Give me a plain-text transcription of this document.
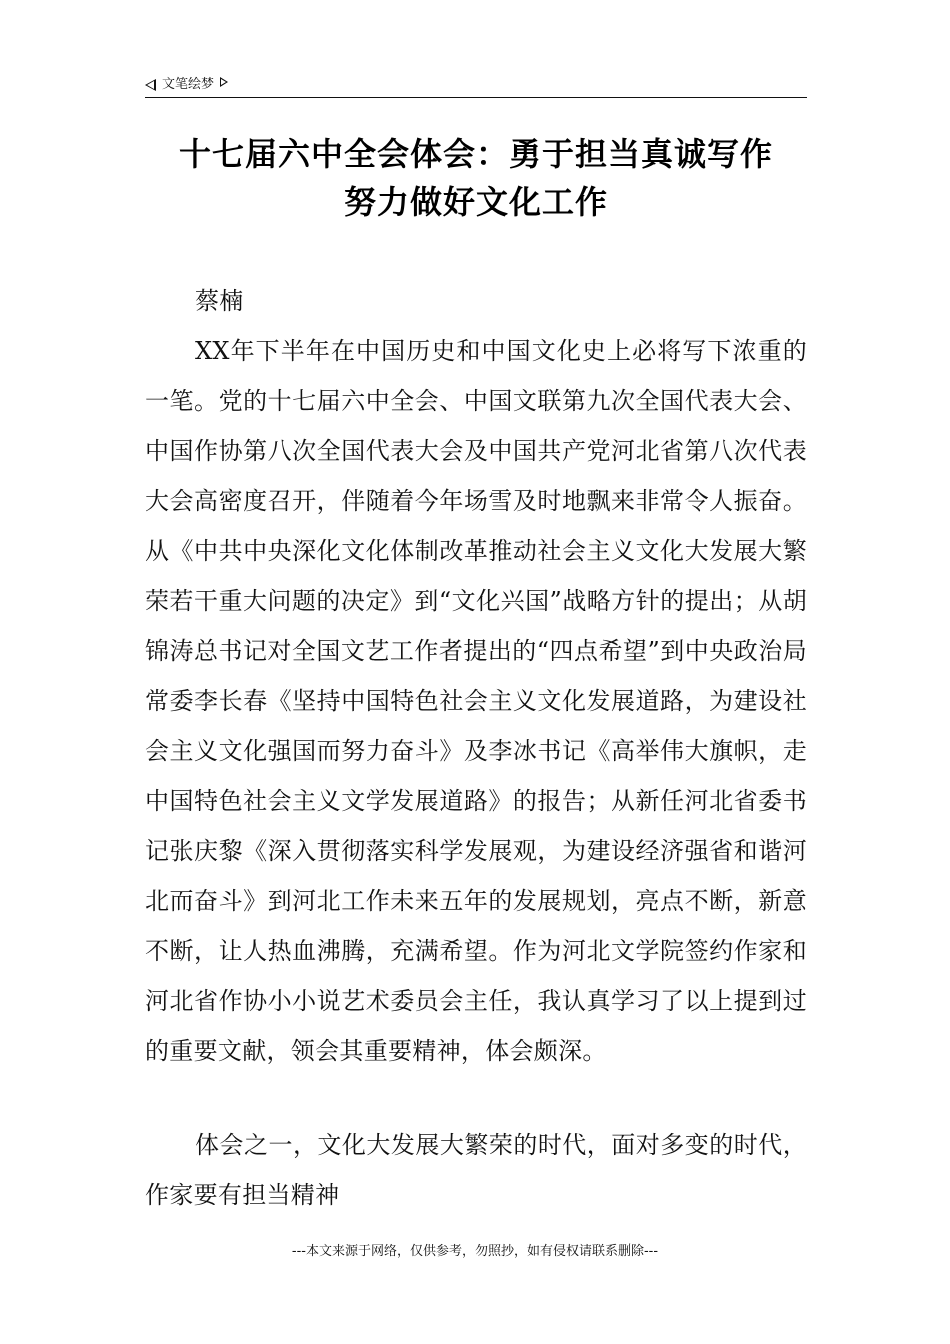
文笔绘梦
十七届六中全会体会：勇于担当真诚写作
努力做好文化工作
蔡楠
XX年下半年在中国历史和中国文化史上必将写下浓重的一笔。党的十七届六中全会、中国文联第九次全国代表大会、中国作协第八次全国代表大会及中国共产党河北省第八次代表大会高密度召开，伴随着今年场雪及时地飘来非常令人振奋。从《中共中央深化文化体制改革推动社会主义文化大发展大繁荣若干重大问题的决定》到“文化兴国”战略方针的提出；从胡锦涛总书记对全国文艺工作者提出的“四点希望”到中央政治局常委李长春《坚持中国特色社会主义文化发展道路，为建设社会主义文化强国而努力奋斗》及李冰书记《高举伟大旗帜，走中国特色社会主义文学发展道路》的报告；从新任河北省委书记张庆黎《深入贯彻落实科学发展观，为建设经济强省和谐河北而奋斗》到河北工作未来五年的发展规划，亮点不断，新意不断，让人热血沸腾，充满希望。作为河北文学院签约作家和河北省作协小小说艺术委员会主任，我认真学习了以上提到过的重要文献，领会其重要精神，体会颇深。
体会之一，文化大发展大繁荣的时代，面对多变的时代，作家要有担当精神
---本文来源于网络，仅供参考，勿照抄，如有侵权请联系删除---
